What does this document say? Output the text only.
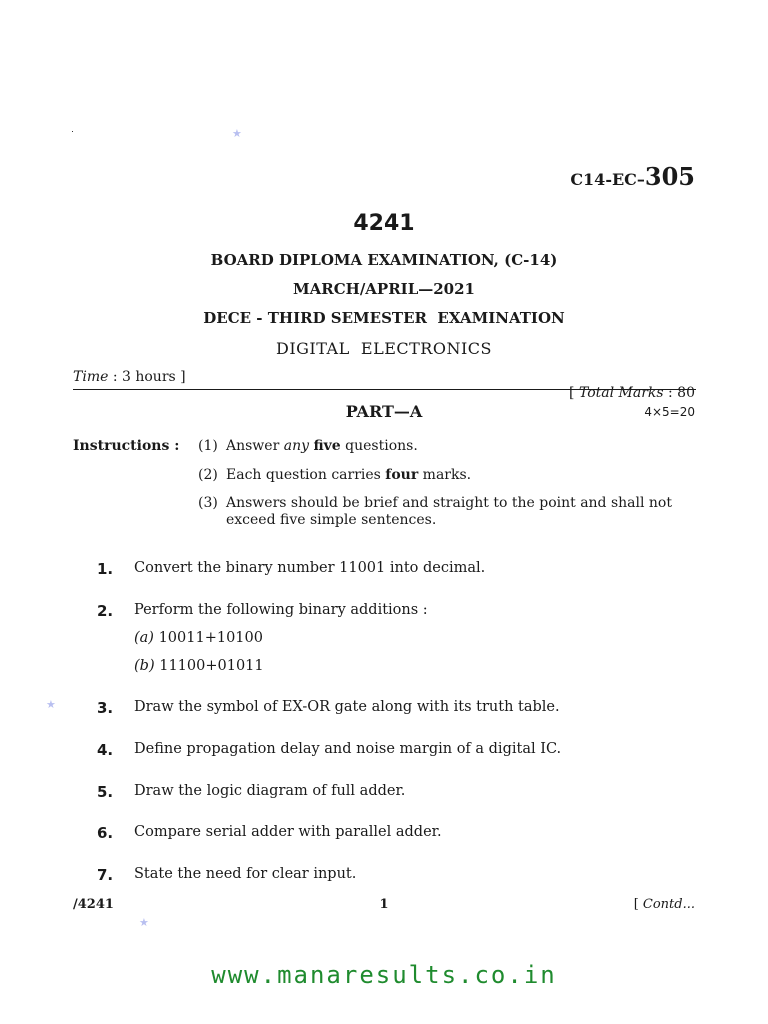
★
★
★
C14-EC–305
4241
BOARD DIPLOMA EXAMINATION, (C-14)
MARCH/APRIL—2021
DECE - THIRD SEMESTER  EXAMINATION
DIGITAL  ELECTRONICS
Time : 3 hours ]

[ Total Marks : 80

PART—A	4×5=20
Instructions : (1) Answer any five questions.
(2) Each question carries four marks.
(3) Answers should be brief and straight to the point and shall not exceed five simple sentences.
1. Convert the binary number 11001 into decimal.
2. Perform the following binary additions :
(a) 10011+10100
(b) 11100+01011
3. Draw the symbol of EX-OR gate along with its truth table.
4. Define propagation delay and noise margin of a digital IC.
5. Draw the logic diagram of full adder.
6. Compare serial adder with parallel adder.
7. State the need for clear input.
/4241	1	[ Contd...
www.manaresults.co.in
